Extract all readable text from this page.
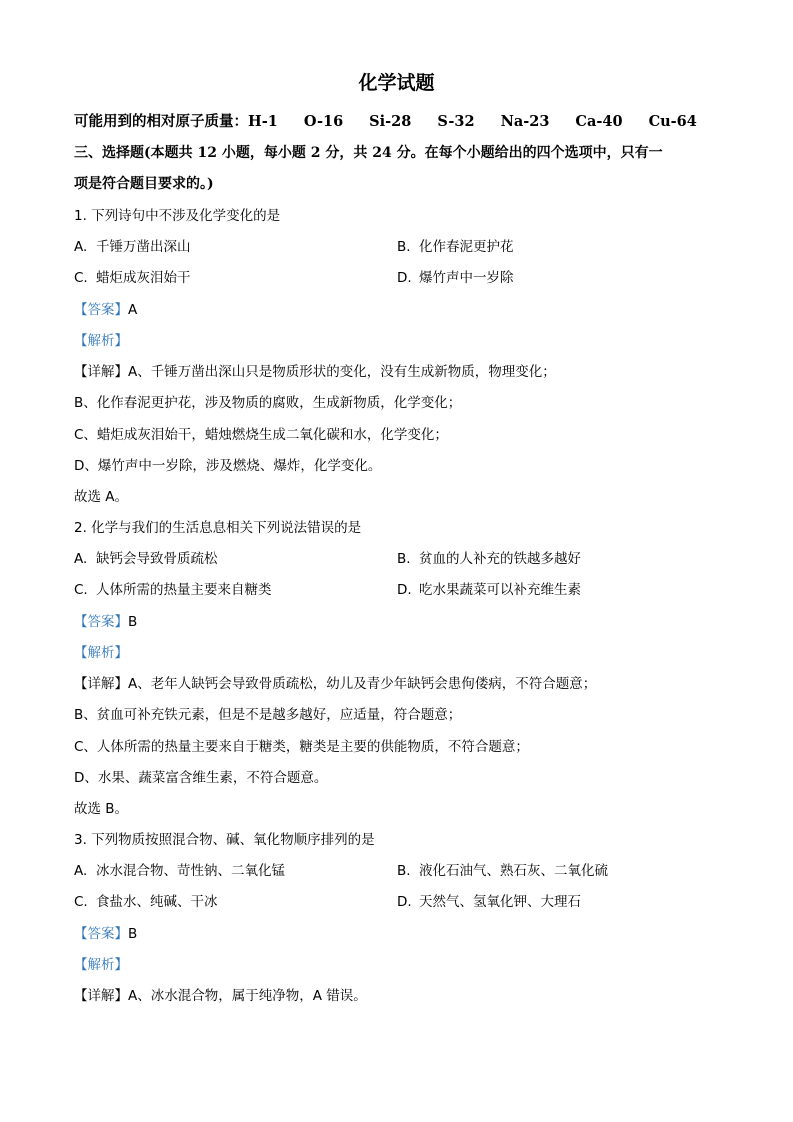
化学试题
可能用到的相对原子质量：H-1 O-16 Si-28 S-32 Na-23 Ca-40 Cu-64
三、选择题(本题共 12 小题，每小题 2 分，共 24 分。在每个小题给出的四个选项中，只有一
项是符合题目要求的。)
1. 下列诗句中不涉及化学变化的是
A. 千锤万凿出深山	B. 化作春泥更护花
C. 蜡炬成灰泪始干	D. 爆竹声中一岁除
【答案】A
【解析】
【详解】A、千锤万凿出深山只是物质形状的变化，没有生成新物质，物理变化；
B、化作春泥更护花，涉及物质的腐败，生成新物质，化学变化；
C、蜡炬成灰泪始干，蜡烛燃烧生成二氧化碳和水，化学变化；
D、爆竹声中一岁除，涉及燃烧、爆炸，化学变化。
故选 A。
2. 化学与我们的生活息息相关下列说法错误的是
A. 缺钙会导致骨质疏松	B. 贫血的人补充的铁越多越好
C. 人体所需的热量主要来自糖类	D. 吃水果蔬菜可以补充维生素
【答案】B
【解析】
【详解】A、老年人缺钙会导致骨质疏松，幼儿及青少年缺钙会患佝偻病，不符合题意；
B、贫血可补充铁元素，但是不是越多越好，应适量，符合题意；
C、人体所需的热量主要来自于糖类，糖类是主要的供能物质，不符合题意；
D、水果、蔬菜富含维生素，不符合题意。
故选 B。
3. 下列物质按照混合物、碱、氧化物顺序排列的是
A. 冰水混合物、苛性钠、二氧化锰	B. 液化石油气、熟石灰、二氧化硫
C. 食盐水、纯碱、干冰	D. 天然气、氢氧化钾、大理石
【答案】B
【解析】
【详解】A、冰水混合物，属于纯净物，A 错误。
